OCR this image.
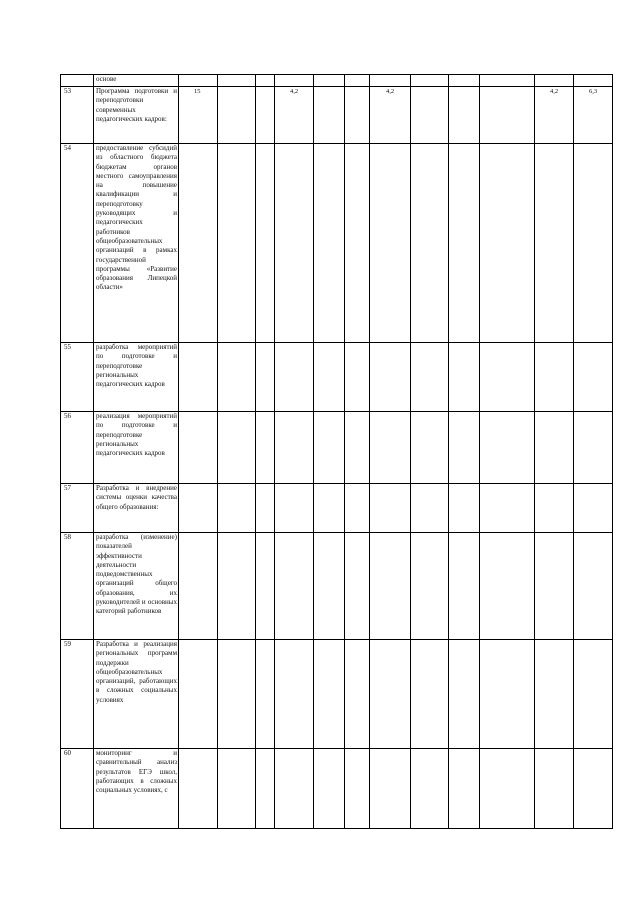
	основе													
53	Программа подготовки и переподготовки современных педагогических кадров:	15			4,2			4,2				4,2	6,3	
54	предоставление субсидий из областного бюджета бюджетам органов местного самоуправления на повышение квалификации и переподготовку руководящих и педагогических работников общеобразовательных организаций в рамках государственной программы «Развитие образования Липецкой области»													
55	разработка мероприятий по подготовке и переподготовке региональных педагогических кадров													
56	реализация мероприятий по подготовке и переподготовке региональных педагогических кадров													
57	Разработка и внедрение системы оценки качества общего образования:													
58	разработка (изменение) показателей эффективности деятельности подведомственных организаций общего образования, их руководителей и основных категорий работников													
59	Разработка и реализация региональных программ поддержки общеобразовательных организаций, работающих в сложных социальных условиях													
60	мониторинг и сравнительный анализ результатов ЕГЭ школ, работающих в сложных социальных условиях, с													
